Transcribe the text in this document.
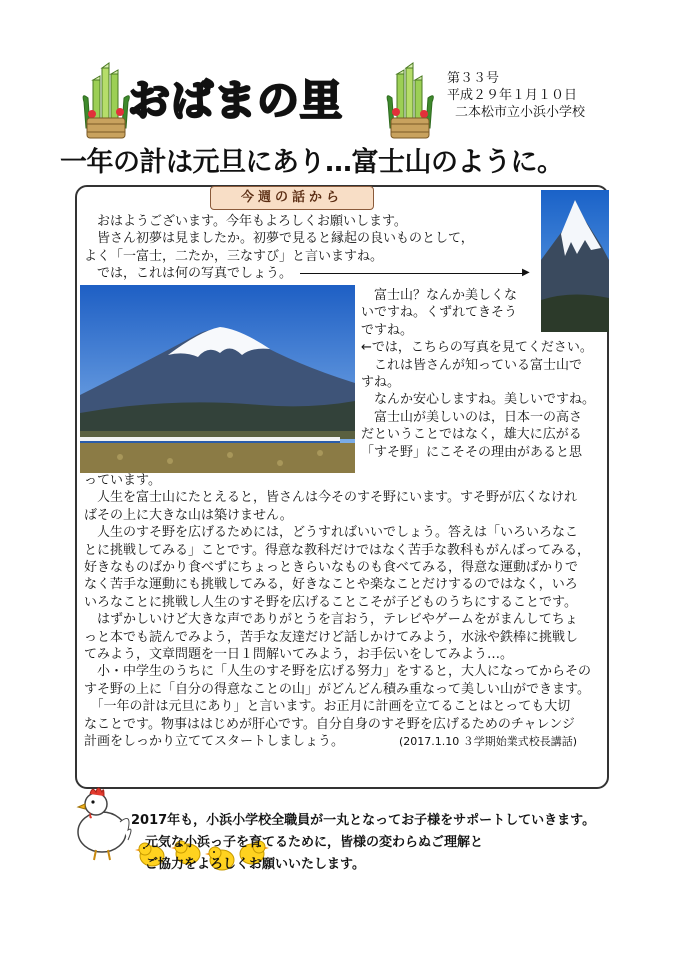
おばまの里	第３３号
平成２９年１月１０日
二本松市立小浜小学校
一年の計は元旦にあり…富士山のように。
今週の話から
　おはようございます。今年もよろしくお願いします。
　皆さん初夢は見ましたか。初夢で見ると縁起の良いものとして，
よく「一富士，二たか，三なすび」と言いますね。
　では，これは何の写真でしょう。	▶
　富士山？なんか美しくな
いですね。くずれてきそう
ですね。
←では，こちらの写真を見てください。
　これは皆さんが知っている富士山で
すね。
　なんか安心しますね。美しいですね。
　富士山が美しいのは，日本一の高さ
だということではなく，雄大に広がる
「すそ野」にこそその理由があると思
っています。
　人生を富士山にたとえると，皆さんは今そのすそ野にいます。すそ野が広くなけれ
ばその上に大きな山は築けません。
　人生のすそ野を広げるためには，どうすればいいでしょう。答えは「いろいろなこ
とに挑戦してみる」ことです。得意な教科だけではなく苦手な教科もがんばってみる，
好きなものばかり食べずにちょっときらいなものも食べてみる，得意な運動ばかりで
なく苦手な運動にも挑戦してみる，好きなことや楽なことだけするのではなく，いろ
いろなことに挑戦し人生のすそ野を広げることこそが子どものうちにすることです。
　はずかしいけど大きな声でありがとうを言おう，テレビやゲームをがまんしてちょ
っと本でも読んでみよう，苦手な友達だけど話しかけてみよう，水泳や鉄棒に挑戦し
てみよう，文章問題を一日１問解いてみよう，お手伝いをしてみよう…。
　小・中学生のうちに「人生のすそ野を広げる努力」をすると，大人になってからその
すそ野の上に「自分の得意なことの山」がどんどん積み重なって美しい山ができます。
　「一年の計は元旦にあり」と言います。お正月に計画を立てることはとっても大切
なことです。物事ははじめが肝心です。自分自身のすそ野を広げるためのチャレンジ
計画をしっかり立ててスタートしましょう。	(2017.1.10 ３学期始業式校長講話)
2017年も，小浜小学校全職員が一丸となってお子様をサポートしていきます。
元気な小浜っ子を育てるために，皆様の変わらぬご理解と
ご協力をよろしくお願いいたします。
